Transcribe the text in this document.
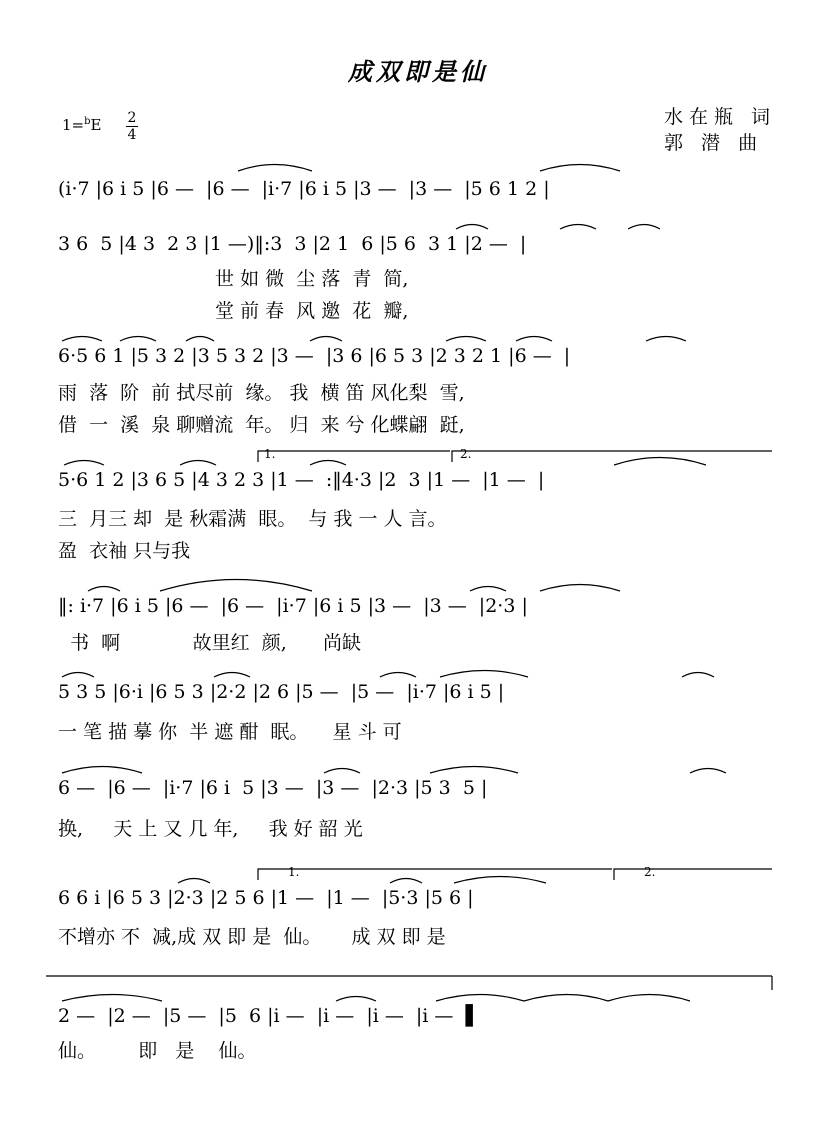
成双即是仙
1=$^b$E 2
4
水在瓶 词
郭 潜 曲
(i·7 |6 i 5 |6 —  |6 —  |i·7 |6 i 5 |3 —  |3 —  |5 6 1 2 |
3 6  5 |4 3  2 3 |1 —)‖:3  3 |2 1  6 |5 6  3 1 |2 —  |
世 如 微  尘 落  青  简,
堂 前 春  风 邀  花  瓣,
6·5 6 1 |5 3 2 |3 5 3 2 |3 —  |3 6 |6 5 3 |2 3 2 1 |6 —  |
雨  落  阶  前 拭尽前  缘。 我  横 笛 风化梨  雪,
借  一  溪  泉 聊赠流  年。 归  来 兮 化蝶翩  跹,
5·6 1 2 |3 6 5 |4 3 2 3 |1 —  :‖4·3 |2  3 |1 —  |1 —  |
三  月三 却  是 秋霜满  眼。  与 我 一 人 言。
盈  衣袖 只与我
‖: i·7 |6 i 5 |6 —  |6 —  |i·7 |6 i 5 |3 —  |3 —  |2·3 |
书  啊            故里红  颜,      尚缺
5 3 5 |6·i |6 5 3 |2·2 |2 6 |5 —  |5 —  |i·7 |6 i 5 |
一 笔 描 摹 你  半 遮 酣  眠。    星 斗 可
6 —  |6 —  |i·7 |6 i  5 |3 —  |3 —  |2·3 |5 3  5 |
换,     天 上 又 几 年,     我 好 韶 光
6 6 i |6 5 3 |2·3 |2 5 6 |1 —  |1 —  |5·3 |5 6 |
不增亦 不  减,成 双 即 是  仙。     成 双 即 是
2 —  |2 —  |5 —  |5  6 |i —  |i —  |i —  |i —  ▌
仙。       即   是    仙。
1.	2.
1.	2.
